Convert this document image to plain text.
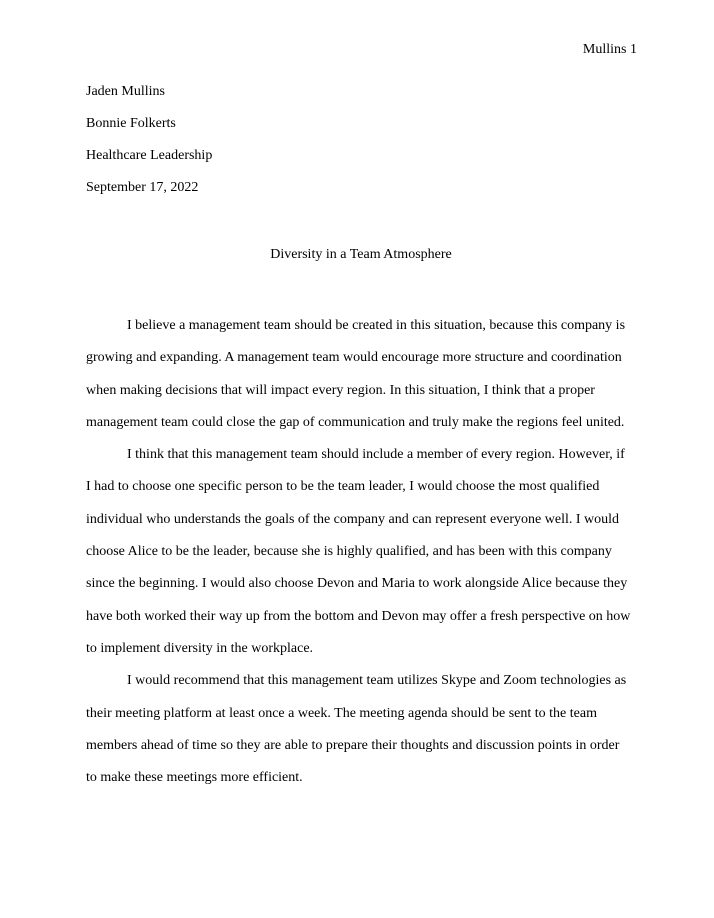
Mullins 1
Jaden Mullins
Bonnie Folkerts
Healthcare Leadership
September 17, 2022
Diversity in a Team Atmosphere

I believe a management team should be created in this situation, because this company is
growing and expanding. A management team would encourage more structure and coordination
when making decisions that will impact every region. In this situation, I think that a proper
management team could close the gap of communication and truly make the regions feel united.

I think that this management team should include a member of every region. However, if
I had to choose one specific person to be the team leader, I would choose the most qualified
individual who understands the goals of the company and can represent everyone well. I would
choose Alice to be the leader, because she is highly qualified, and has been with this company
since the beginning. I would also choose Devon and Maria to work alongside Alice because they
have both worked their way up from the bottom and Devon may offer a fresh perspective on how
to implement diversity in the workplace.

I would recommend that this management team utilizes Skype and Zoom technologies as
their meeting platform at least once a week. The meeting agenda should be sent to the team
members ahead of time so they are able to prepare their thoughts and discussion points in order
to make these meetings more efficient.
